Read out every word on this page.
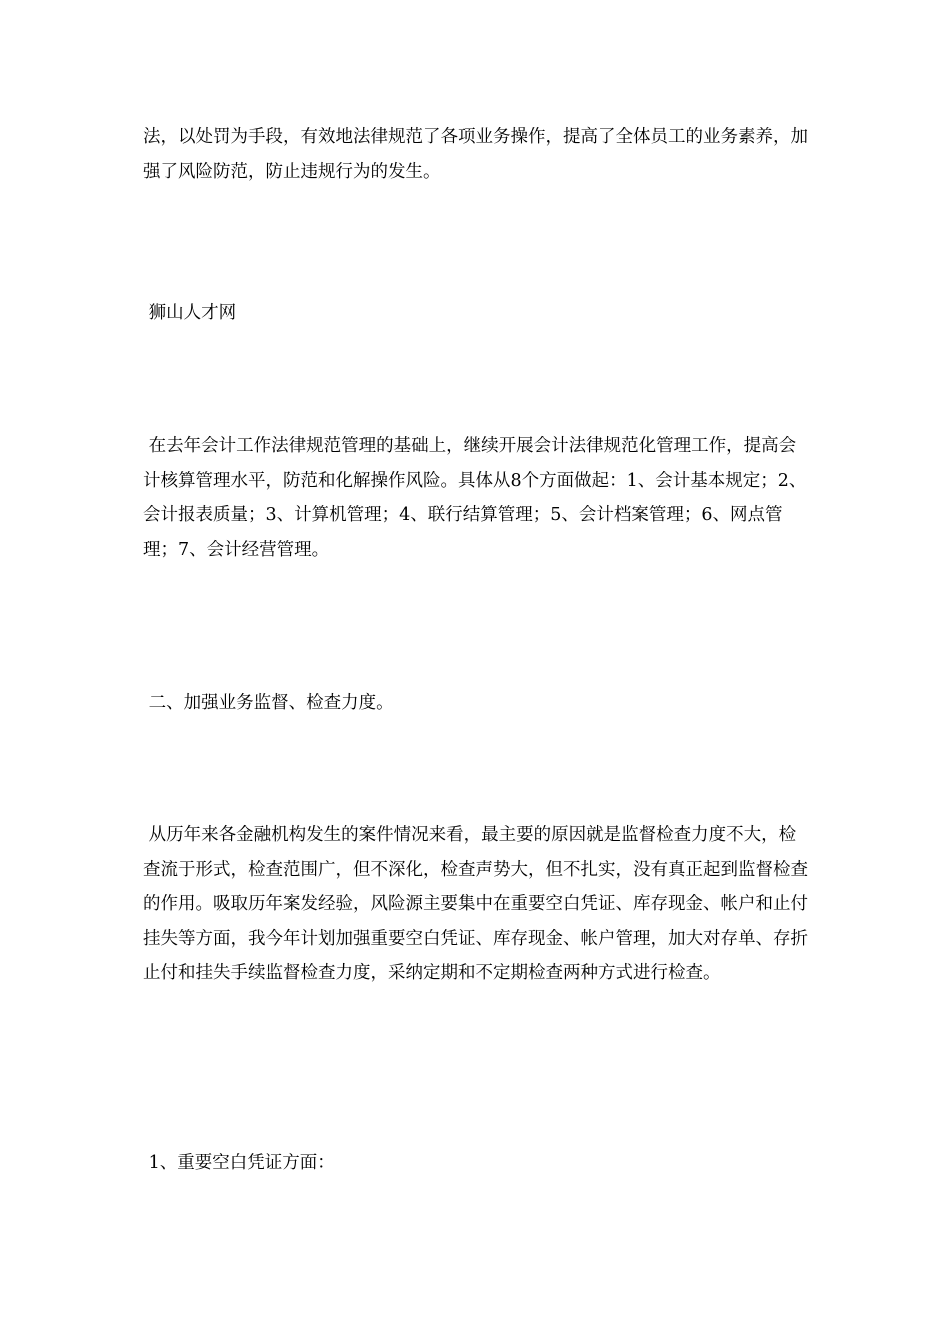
法，以处罚为手段，有效地法律规范了各项业务操作，提高了全体员工的业务素养，加强了风险防范，防止违规行为的发生。

狮山人才网

在去年会计工作法律规范管理的基础上，继续开展会计法律规范化管理工作，提高会计核算管理水平，防范和化解操作风险。具体从8个方面做起：1、会计基本规定；2、会计报表质量；3、计算机管理；4、联行结算管理；5、会计档案管理；6、网点管理；7、会计经营管理。

二、加强业务监督、检查力度。

从历年来各金融机构发生的案件情况来看，最主要的原因就是监督检查力度不大，检查流于形式，检查范围广，但不深化，检查声势大，但不扎实，没有真正起到监督检查的作用。吸取历年案发经验，风险源主要集中在重要空白凭证、库存现金、帐户和止付挂失等方面，我今年计划加强重要空白凭证、库存现金、帐户管理，加大对存单、存折止付和挂失手续监督检查力度，采纳定期和不定期检查两种方式进行检查。

1、重要空白凭证方面：
